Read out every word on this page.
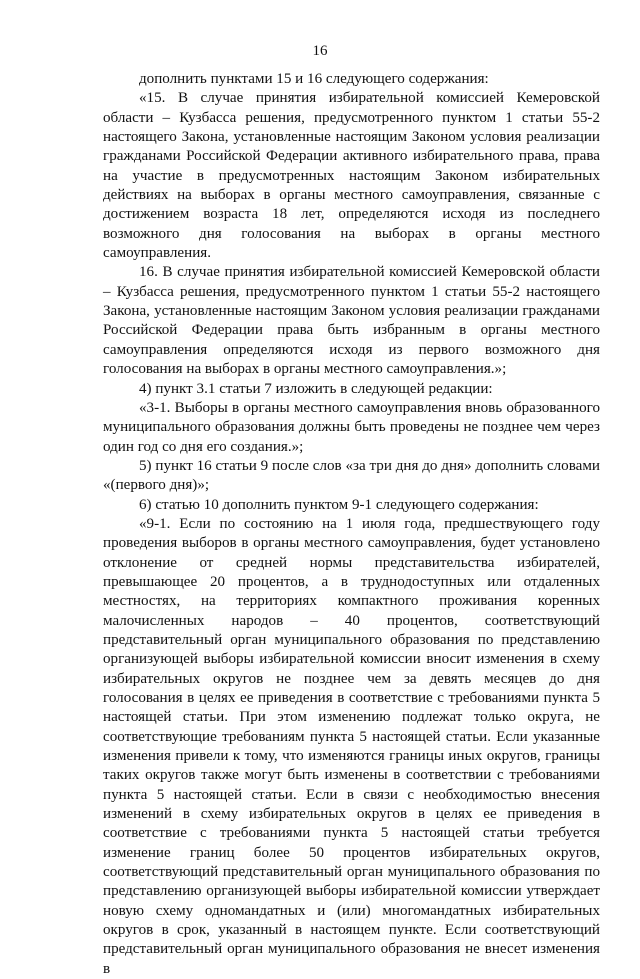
16

дополнить пунктами 15 и 16 следующего содержания:

«15. В случае принятия избирательной комиссией Кемеровской области – Кузбасса решения, предусмотренного пунктом 1 статьи 55-2 настоящего Закона, установленные настоящим Законом условия реализации гражданами Российской Федерации активного избирательного права, права на участие в предусмотренных настоящим Законом избирательных действиях на выборах в органы местного самоуправления, связанные с достижением возраста 18 лет, определяются исходя из последнего возможного дня голосования на выборах в органы местного самоуправления.

16. В случае принятия избирательной комиссией Кемеровской области – Кузбасса решения, предусмотренного пунктом 1 статьи 55-2 настоящего Закона, установленные настоящим Законом условия реализации гражданами Российской Федерации права быть избранным в органы местного самоуправления определяются исходя из первого возможного дня голосования на выборах в органы местного самоуправления.»;

4) пункт 3.1 статьи 7 изложить в следующей редакции:

«3-1. Выборы в органы местного самоуправления вновь образованного муниципального образования должны быть проведены не позднее чем через один год со дня его создания.»;

5) пункт 16 статьи 9 после слов «за три дня до дня» дополнить словами «(первого дня)»;

6) статью 10 дополнить пунктом 9-1 следующего содержания:

«9-1. Если по состоянию на 1 июля года, предшествующего году проведения выборов в органы местного самоуправления, будет установлено отклонение от средней нормы представительства избирателей, превышающее 20 процентов, а в труднодоступных или отдаленных местностях, на территориях компактного проживания коренных малочисленных народов – 40 процентов, соответствующий представительный орган муниципального образования по представлению организующей выборы избирательной комиссии вносит изменения в схему избирательных округов не позднее чем за девять месяцев до дня голосования в целях ее приведения в соответствие с требованиями пункта 5 настоящей статьи. При этом изменению подлежат только округа, не соответствующие требованиям пункта 5 настоящей статьи. Если указанные изменения привели к тому, что изменяются границы иных округов, границы таких округов также могут быть изменены в соответствии с требованиями пункта 5 настоящей статьи. Если в связи с необходимостью внесения изменений в схему избирательных округов в целях ее приведения в соответствие с требованиями пункта 5 настоящей статьи требуется изменение границ более 50 процентов избирательных округов, соответствующий представительный орган муниципального образования по представлению организующей выборы избирательной комиссии утверждает новую схему одномандатных и (или) многомандатных избирательных округов в срок, указанный в настоящем пункте. Если соответствующий представительный орган муниципального образования не внесет изменения в
